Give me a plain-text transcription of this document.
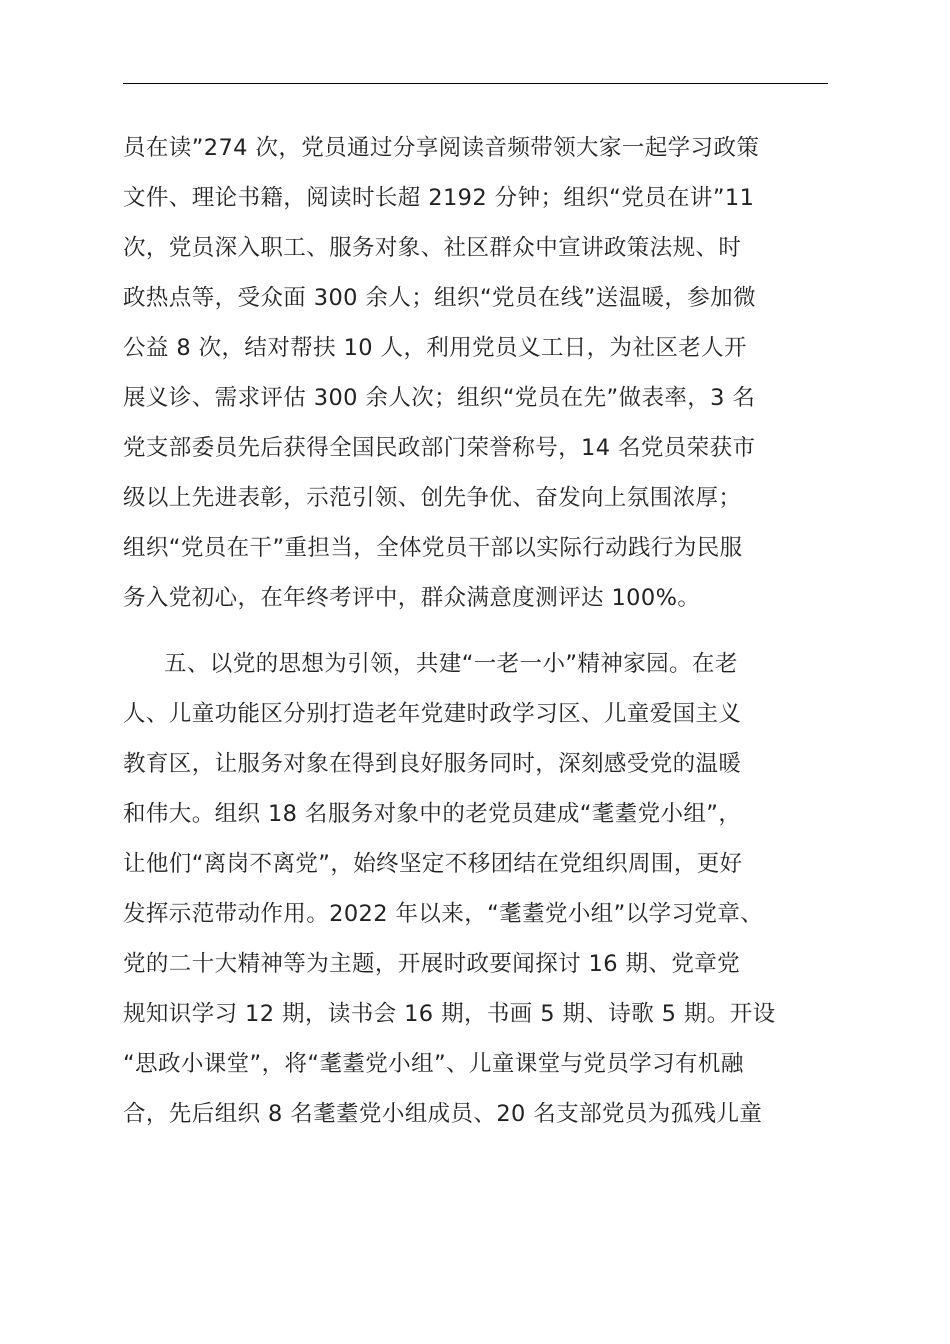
员在读”274 次，党员通过分享阅读音频带领大家一起学习政策
文件、理论书籍，阅读时长超 2192 分钟；组织“党员在讲”11
次，党员深入职工、服务对象、社区群众中宣讲政策法规、时
政热点等，受众面 300 余人；组织“党员在线”送温暖，参加微
公益 8 次，结对帮扶 10 人，利用党员义工日，为社区老人开
展义诊、需求评估 300 余人次；组织“党员在先”做表率，3 名
党支部委员先后获得全国民政部门荣誉称号，14 名党员荣获市
级以上先进表彰，示范引领、创先争优、奋发向上氛围浓厚；
组织“党员在干”重担当，全体党员干部以实际行动践行为民服
务入党初心，在年终考评中，群众满意度测评达 100%。
五、以党的思想为引领，共建“一老一小”精神家园。在老
人、儿童功能区分别打造老年党建时政学习区、儿童爱国主义
教育区，让服务对象在得到良好服务同时，深刻感受党的温暖
和伟大。组织 18 名服务对象中的老党员建成“耄耋党小组”，
让他们“离岗不离党”，始终坚定不移团结在党组织周围，更好
发挥示范带动作用。2022 年以来，“耄耋党小组”以学习党章、
党的二十大精神等为主题，开展时政要闻探讨 16 期、党章党
规知识学习 12 期，读书会 16 期，书画 5 期、诗歌 5 期。开设
“思政小课堂”，将“耄耋党小组”、儿童课堂与党员学习有机融
合，先后组织 8 名耄耋党小组成员、20 名支部党员为孤残儿童
